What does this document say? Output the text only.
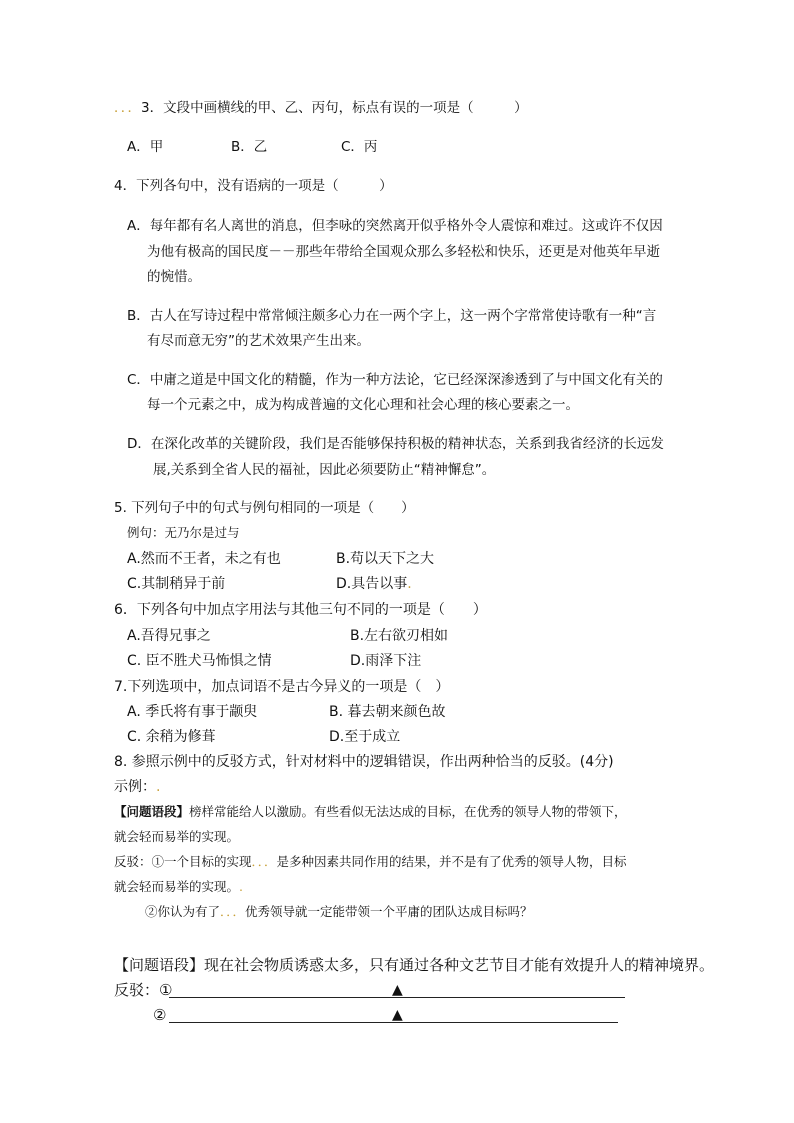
．．．3．文段中画横线的甲、乙、丙句，标点有误的一项是（　　　）
A．甲	B．乙	C．丙
4．下列各句中，没有语病的一项是（　　　）
A．每年都有名人离世的消息，但李咏的突然离开似乎格外令人震惊和难过。这或许不仅因
为他有极高的国民度－－那些年带给全国观众那么多轻松和快乐，还更是对他英年早逝
的惋惜。
B．古人在写诗过程中常常倾注颇多心力在一两个字上，这一两个字常常使诗歌有一种“言
有尽而意无穷”的艺术效果产生出来。
C．中庸之道是中国文化的精髓，作为一种方法论，它已经深深渗透到了与中国文化有关的
每一个元素之中，成为构成普遍的文化心理和社会心理的核心要素之一。
D．在深化改革的关键阶段，我们是否能够保持积极的精神状态，关系到我省经济的长远发
展,关系到全省人民的福祉，因此必须要防止“精神懈怠”。
5. 下列句子中的句式与例句相同的一项是（　　）
例句：无乃尔是过与
A.然而不王者，未之有也	B.苟以天下之大
C.其制稍异于前	D.具告以事.
6．下列各句中加点字用法与其他三句不同的一项是（　　）
A.吾得兄事之	B.左右欲刃相如
C. 臣不胜犬马怖惧之情	D.雨泽下注
7.下列选项中，加点词语不是古今异义的一项是（　）
A. 季氏将有事于颛臾	B. 暮去朝来颜色故
C. 余稍为修葺	D.至于成立
8. 参照示例中的反驳方式，针对材料中的逻辑错误，作出两种恰当的反驳。(4分)
示例：.
【问题语段】榜样常能给人以激励。有些看似无法达成的目标，在优秀的领导人物的带领下，
就会轻而易举的实现。
反驳：①一个目标的实现．．．是多种因素共同作用的结果，并不是有了优秀的领导人物，目标
就会轻而易举的实现。.
②你认为有了．．．优秀领导就一定能带领一个平庸的团队达成目标吗？
【问题语段】现在社会物质诱惑太多，只有通过各种文艺节目才能有效提升人的精神境界。
反驳：①	▲
②	▲
